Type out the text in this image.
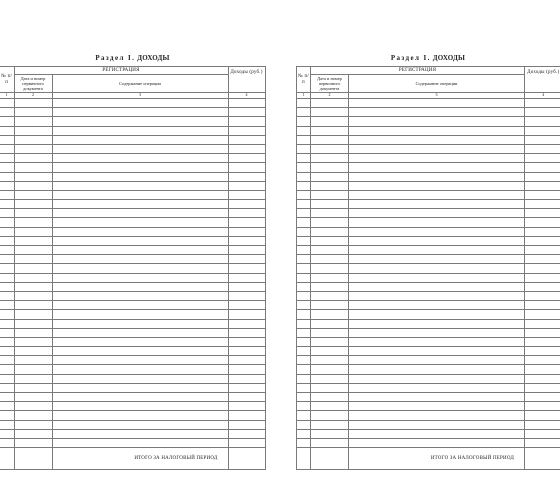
Раздел I. ДОХОДЫ
№ п/п	РЕГИСТРАЦИЯ		Доходы (руб.)
	Дата и номер первичного документа	Содержание операции	
1	2	3	4

		ИТОГО ЗА НАЛОГОВЫЙ ПЕРИОД	
Раздел I. ДОХОДЫ
№ п/п	РЕГИСТРАЦИЯ		Доходы (руб.)
	Дата и номер первичного документа	Содержание операции	
1	2	3	4

		ИТОГО ЗА НАЛОГОВЫЙ ПЕРИОД	
